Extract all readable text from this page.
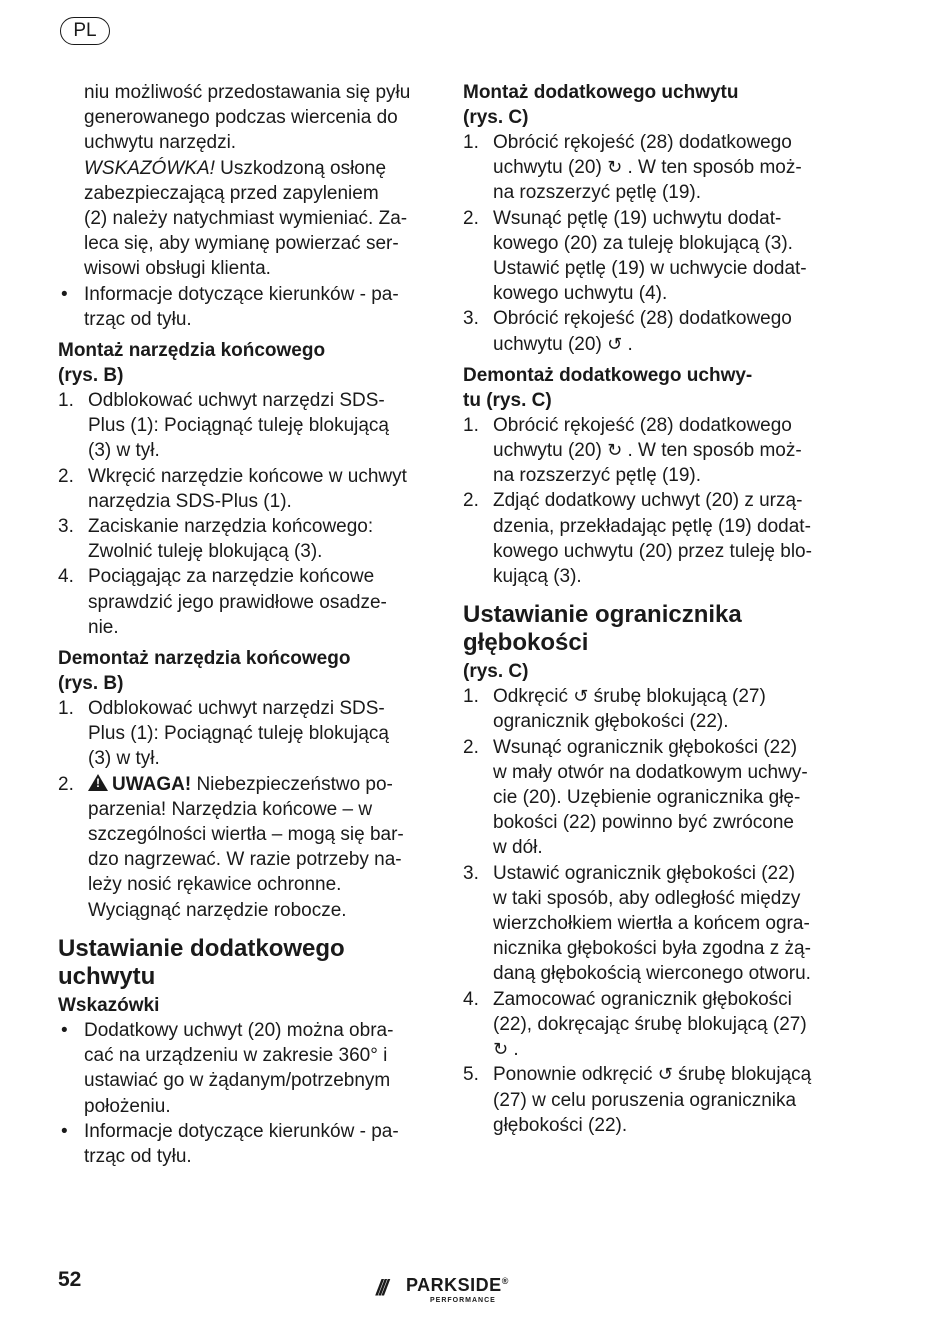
PL

niu możliwość przedostawania się pyłu

generowanego podczas wiercenia do

uchwytu narzędzi.

WSKAZÓWKA! Uszkodzoną osłonę

zabezpieczającą przed zapyleniem

(2) należy natychmiast wymieniać. Za-

leca się, aby wymianę powierzać ser-

wisowi obsługi klienta.

• Informacje dotyczące kierunków - pa-
trząc od tyłu.
Montaż narzędzia końcowego
(rys. B)
1. Odblokować uchwyt narzędzi SDS-
Plus (1): Pociągnąć tuleję blokującą
(3) w tył.
2. Wkręcić narzędzie końcowe w uchwyt
narzędzia SDS-Plus (1).
3. Zaciskanie narzędzia końcowego:
Zwolnić tuleję blokującą (3).
4. Pociągając za narzędzie końcowe
sprawdzić jego prawidłowe osadze-
nie.
Demontaż narzędzia końcowego
(rys. B)
1. Odblokować uchwyt narzędzi SDS-
Plus (1): Pociągnąć tuleję blokującą
(3) w tył.
2.
! UWAGA! Niebezpieczeństwo po-
parzenia! Narzędzia końcowe – w
szczególności wiertła – mogą się bar-
dzo nagrzewać. W razie potrzeby na-
leży nosić rękawice ochronne.
Wyciągnąć narzędzie robocze.
Ustawianie dodatkowego
uchwytu
Wskazówki
• Dodatkowy uchwyt (20) można obra-
cać na urządzeniu w zakresie 360° i
ustawiać go w żądanym/potrzebnym
położeniu.
• Informacje dotyczące kierunków - pa-
trząc od tyłu.
Montaż dodatkowego uchwytu
(rys. C)
1. Obrócić rękojeść (28) dodatkowego
uchwytu (20) ↻ . W ten sposób moż-
na rozszerzyć pętlę (19).
2. Wsunąć pętlę (19) uchwytu dodat-
kowego (20) za tuleję blokującą (3).
Ustawić pętlę (19) w uchwycie dodat-
kowego uchwytu (4).
3. Obrócić rękojeść (28) dodatkowego
uchwytu (20) ↺ .
Demontaż dodatkowego uchwy-
tu (rys. C)
1. Obrócić rękojeść (28) dodatkowego
uchwytu (20) ↻ . W ten sposób moż-
na rozszerzyć pętlę (19).
2. Zdjąć dodatkowy uchwyt (20) z urzą-
dzenia, przekładając pętlę (19) dodat-
kowego uchwytu (20) przez tuleję blo-
kującą (3).
Ustawianie ogranicznika
głębokości
(rys. C)
1. Odkręcić ↺ śrubę blokującą (27)
ogranicznik głębokości (22).
2. Wsunąć ogranicznik głębokości (22)
w mały otwór na dodatkowym uchwy-
cie (20). Uzębienie ogranicznika głę-
bokości (22) powinno być zwrócone
w dół.
3. Ustawić ogranicznik głębokości (22)
w taki sposób, aby odległość między
wierzchołkiem wiertła a końcem ogra-
nicznika głębokości była zgodna z żą-
daną głębokością wierconego otworu.
4. Zamocować ogranicznik głębokości
(22), dokręcając śrubę blokującą (27)
↻ .
5. Ponownie odkręcić ↺ śrubę blokującą
(27) w celu poruszenia ogranicznika
głębokości (22).
52	/// PARKSIDE®
PERFORMANCE
